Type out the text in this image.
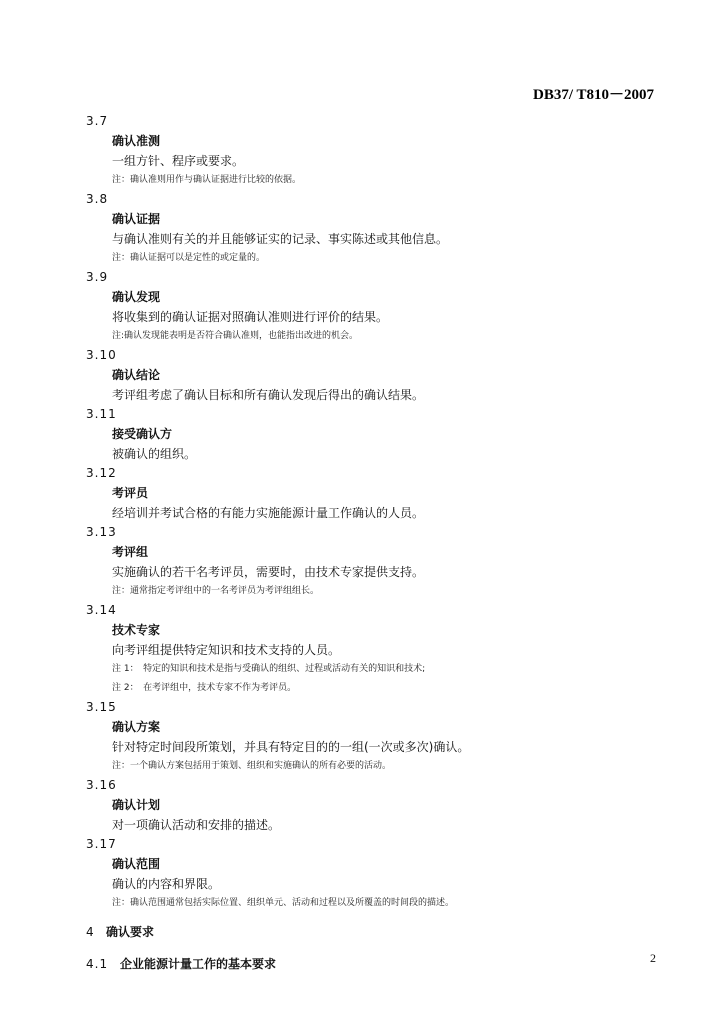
DB37/ T810－2007
3.7
确认准测
一组方针、程序或要求。
注：确认准则用作与确认证据进行比较的依据。
3.8
确认证据
与确认准则有关的并且能够证实的记录、事实陈述或其他信息。
注：确认证据可以是定性的或定量的。
3.9
确认发现
将收集到的确认证据对照确认准则进行评价的结果。
注:确认发现能表明是否符合确认准则，也能指出改进的机会。
3.10
确认结论
考评组考虑了确认目标和所有确认发现后得出的确认结果。
3.11
接受确认方
被确认的组织。
3.12
考评员
经培训并考试合格的有能力实施能源计量工作确认的人员。
3.13
考评组
实施确认的若干名考评员，需要时，由技术专家提供支持。
注：通常指定考评组中的一名考评员为考评组组长。
3.14
技术专家
向考评组提供特定知识和技术支持的人员。
注 1：　特定的知识和技术是指与受确认的组织、过程或活动有关的知识和技术;
注 2：　在考评组中，技术专家不作为考评员。
3.15
确认方案
针对特定时间段所策划，并具有特定目的的一组(一次或多次)确认。
注：一个确认方案包括用于策划、组织和实施确认的所有必要的活动。
3.16
确认计划
对一项确认活动和安排的描述。
3.17
确认范围
确认的内容和界限。
注：确认范围通常包括实际位置、组织单元、活动和过程以及所覆盖的时间段的描述。
4 确认要求
4.1 企业能源计量工作的基本要求	2
